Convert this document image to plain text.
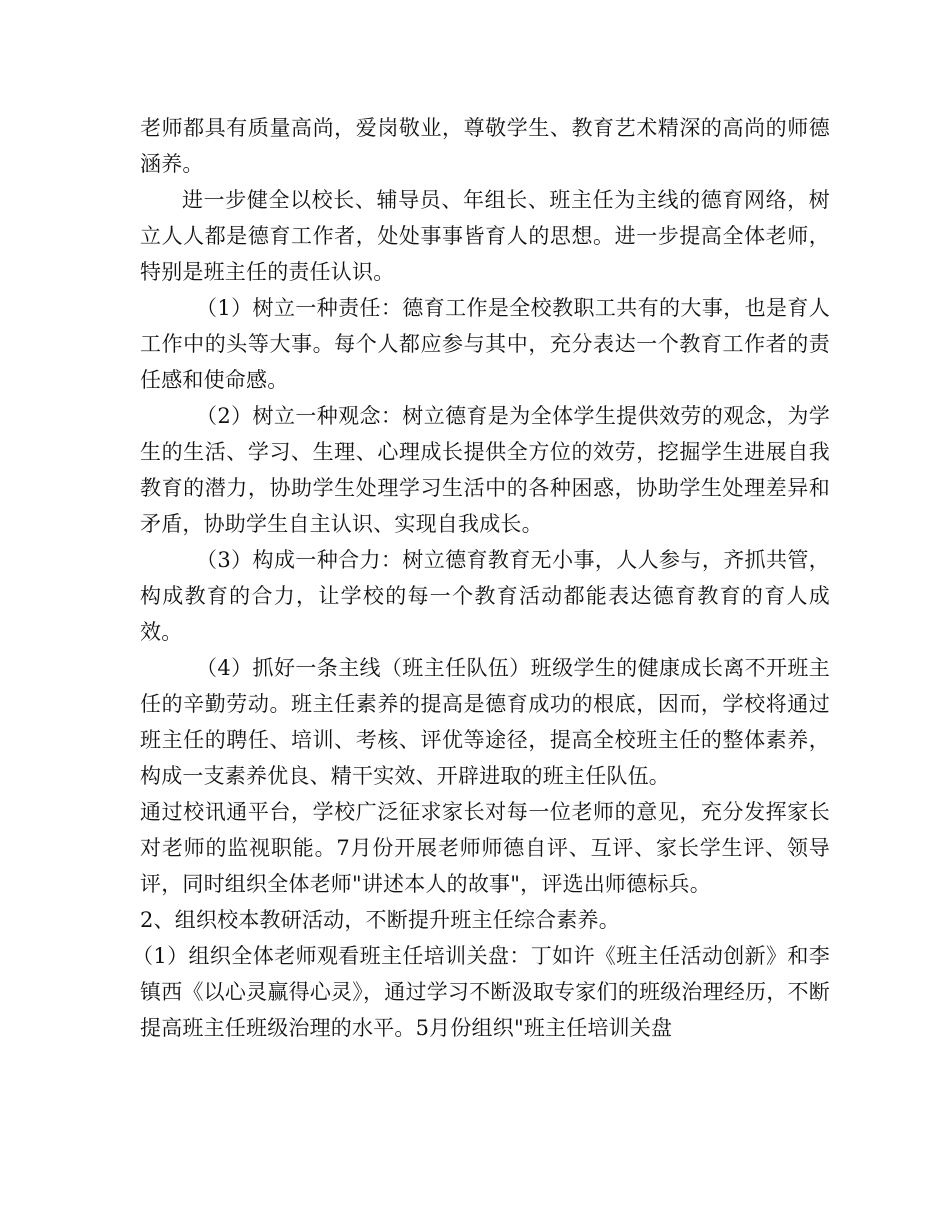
老师都具有质量高尚，爱岗敬业，尊敬学生、教育艺术精深的高尚的师德涵养。

进一步健全以校长、辅导员、年组长、班主任为主线的德育网络，树立人人都是德育工作者，处处事事皆育人的思想。进一步提高全体老师，特别是班主任的责任认识。

（1）树立一种责任：德育工作是全校教职工共有的大事，也是育人工作中的头等大事。每个人都应参与其中，充分表达一个教育工作者的责任感和使命感。

（2）树立一种观念：树立德育是为全体学生提供效劳的观念，为学生的生活、学习、生理、心理成长提供全方位的效劳，挖掘学生进展自我教育的潜力，协助学生处理学习生活中的各种困惑，协助学生处理差异和矛盾，协助学生自主认识、实现自我成长。

（3）构成一种合力：树立德育教育无小事，人人参与，齐抓共管，构成教育的合力，让学校的每一个教育活动都能表达德育教育的育人成效。

（4）抓好一条主线（班主任队伍）班级学生的健康成长离不开班主任的辛勤劳动。班主任素养的提高是德育成功的根底，因而，学校将通过班主任的聘任、培训、考核、评优等途径，提高全校班主任的整体素养，构成一支素养优良、精干实效、开辟进取的班主任队伍。

通过校讯通平台，学校广泛征求家长对每一位老师的意见，充分发挥家长对老师的监视职能。7月份开展老师师德自评、互评、家长学生评、领导评，同时组织全体老师"讲述本人的故事"，评选出师德标兵。

2、组织校本教研活动，不断提升班主任综合素养。

（1）组织全体老师观看班主任培训关盘：丁如许《班主任活动创新》和李镇西《以心灵赢得心灵》，通过学习不断汲取专家们的班级治理经历，不断提高班主任班级治理的水平。5月份组织"班主任培训关盘
